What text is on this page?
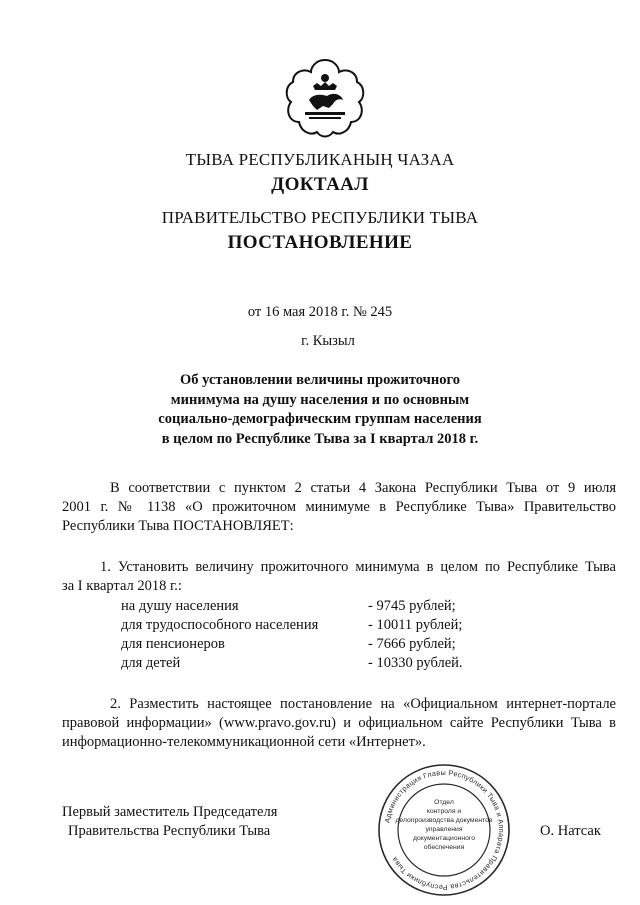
ТЫВА РЕСПУБЛИКАНЫҢ ЧАЗАА
ДОКТААЛ
ПРАВИТЕЛЬСТВО РЕСПУБЛИКИ ТЫВА
ПОСТАНОВЛЕНИЕ
от 16 мая 2018 г. № 245
г. Кызыл
Об установлении величины прожиточного
минимума на душу населения и по основным
социально-демографическим группам населения
в целом по Республике Тыва за I квартал 2018 г.
В соответствии с пунктом 2 статьи 4 Закона Республики Тыва от 9 июля
2001 г. № 1138 «О прожиточном минимуме в Республике Тыва» Правительство
Республики Тыва ПОСТАНОВЛЯЕТ:
1. Установить величину прожиточного минимума в целом по Республике Тыва
за I квартал 2018 г.:
на душу населения	- 9745 рублей;
для трудоспособного населения	- 10011 рублей;
для пенсионеров	- 7666 рублей;
для детей	- 10330 рублей.
2. Разместить настоящее постановление на «Официальном интернет-портале
правовой информации» (www.pravo.gov.ru) и официальном сайте Республики Тыва в
информационно-телекоммуникационной сети «Интернет».
Первый заместитель Председателя
Правительства Республики Тыва	О. Натсак
Администрация Главы Республики Тыва и Аппарата Правительства Республики Тыва
Отдел
контроля и
делопроизводства документов
управления
документационного
обеспечения
